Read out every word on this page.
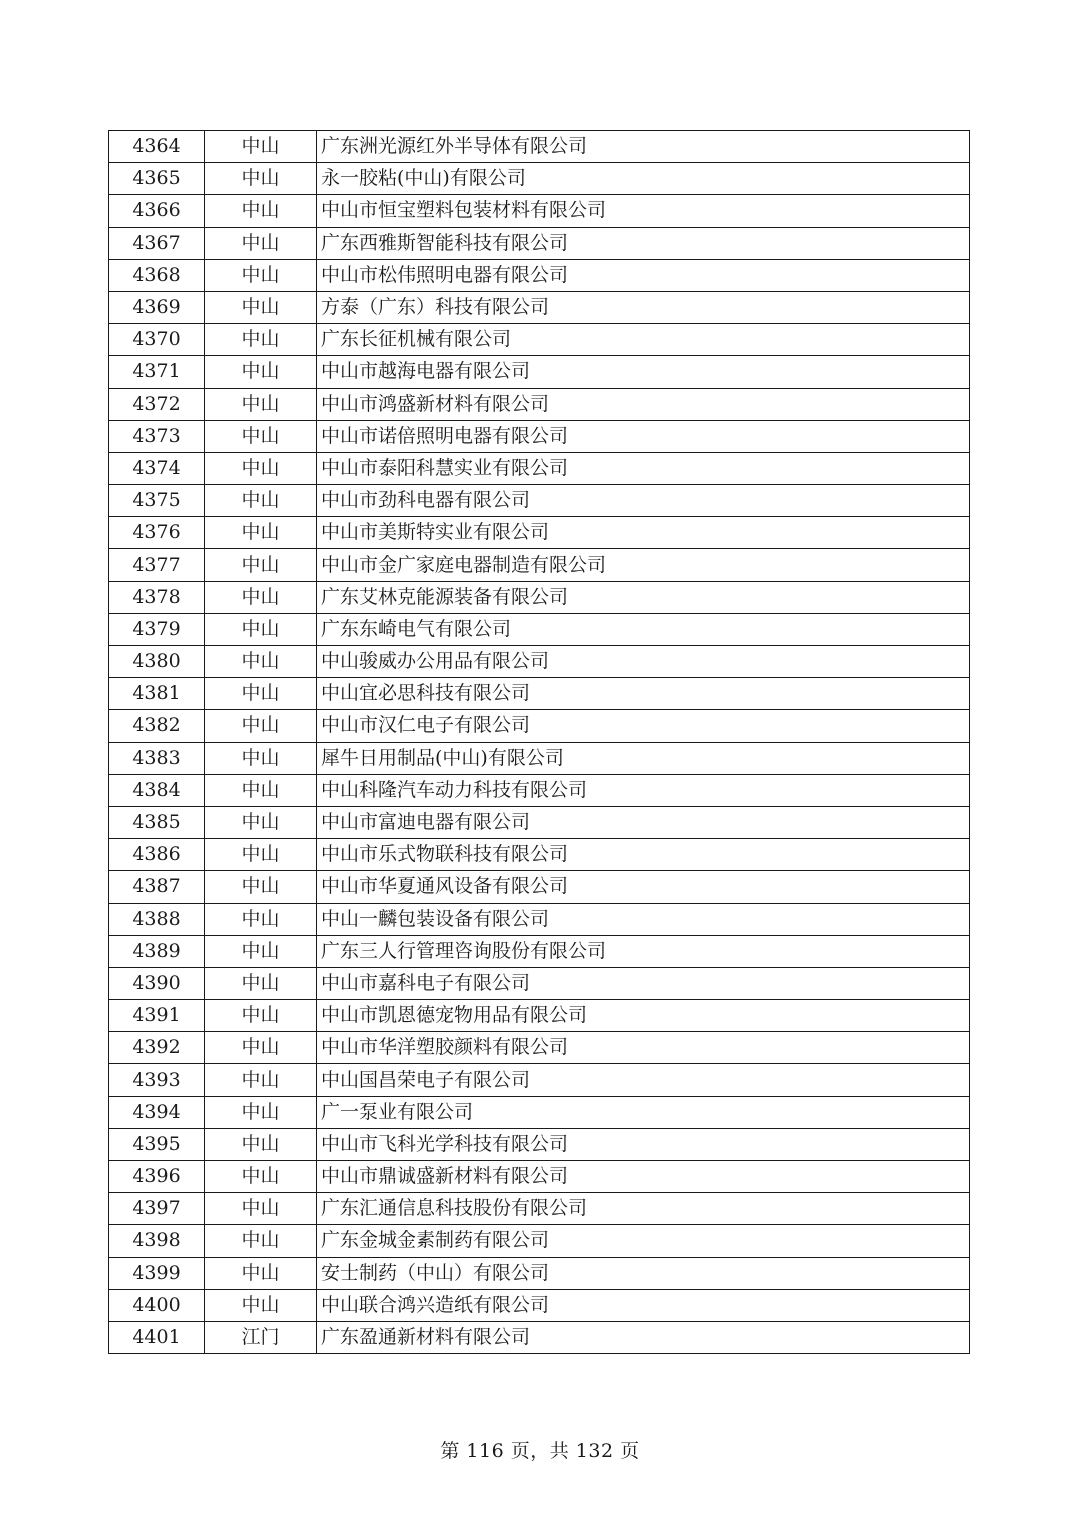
4364	中山	广东洲光源红外半导体有限公司
4365	中山	永一胶粘(中山)有限公司
4366	中山	中山市恒宝塑料包装材料有限公司
4367	中山	广东西雅斯智能科技有限公司
4368	中山	中山市松伟照明电器有限公司
4369	中山	方泰（广东）科技有限公司
4370	中山	广东长征机械有限公司
4371	中山	中山市越海电器有限公司
4372	中山	中山市鸿盛新材料有限公司
4373	中山	中山市诺倍照明电器有限公司
4374	中山	中山市泰阳科慧实业有限公司
4375	中山	中山市劲科电器有限公司
4376	中山	中山市美斯特实业有限公司
4377	中山	中山市金广家庭电器制造有限公司
4378	中山	广东艾林克能源装备有限公司
4379	中山	广东东崎电气有限公司
4380	中山	中山骏威办公用品有限公司
4381	中山	中山宜必思科技有限公司
4382	中山	中山市汉仁电子有限公司
4383	中山	犀牛日用制品(中山)有限公司
4384	中山	中山科隆汽车动力科技有限公司
4385	中山	中山市富迪电器有限公司
4386	中山	中山市乐式物联科技有限公司
4387	中山	中山市华夏通风设备有限公司
4388	中山	中山一麟包装设备有限公司
4389	中山	广东三人行管理咨询股份有限公司
4390	中山	中山市嘉科电子有限公司
4391	中山	中山市凯恩德宠物用品有限公司
4392	中山	中山市华洋塑胶颜料有限公司
4393	中山	中山国昌荣电子有限公司
4394	中山	广一泵业有限公司
4395	中山	中山市飞科光学科技有限公司
4396	中山	中山市鼎诚盛新材料有限公司
4397	中山	广东汇通信息科技股份有限公司
4398	中山	广东金城金素制药有限公司
4399	中山	安士制药（中山）有限公司
4400	中山	中山联合鸿兴造纸有限公司
4401	江门	广东盈通新材料有限公司
第 116 页，共 132 页
